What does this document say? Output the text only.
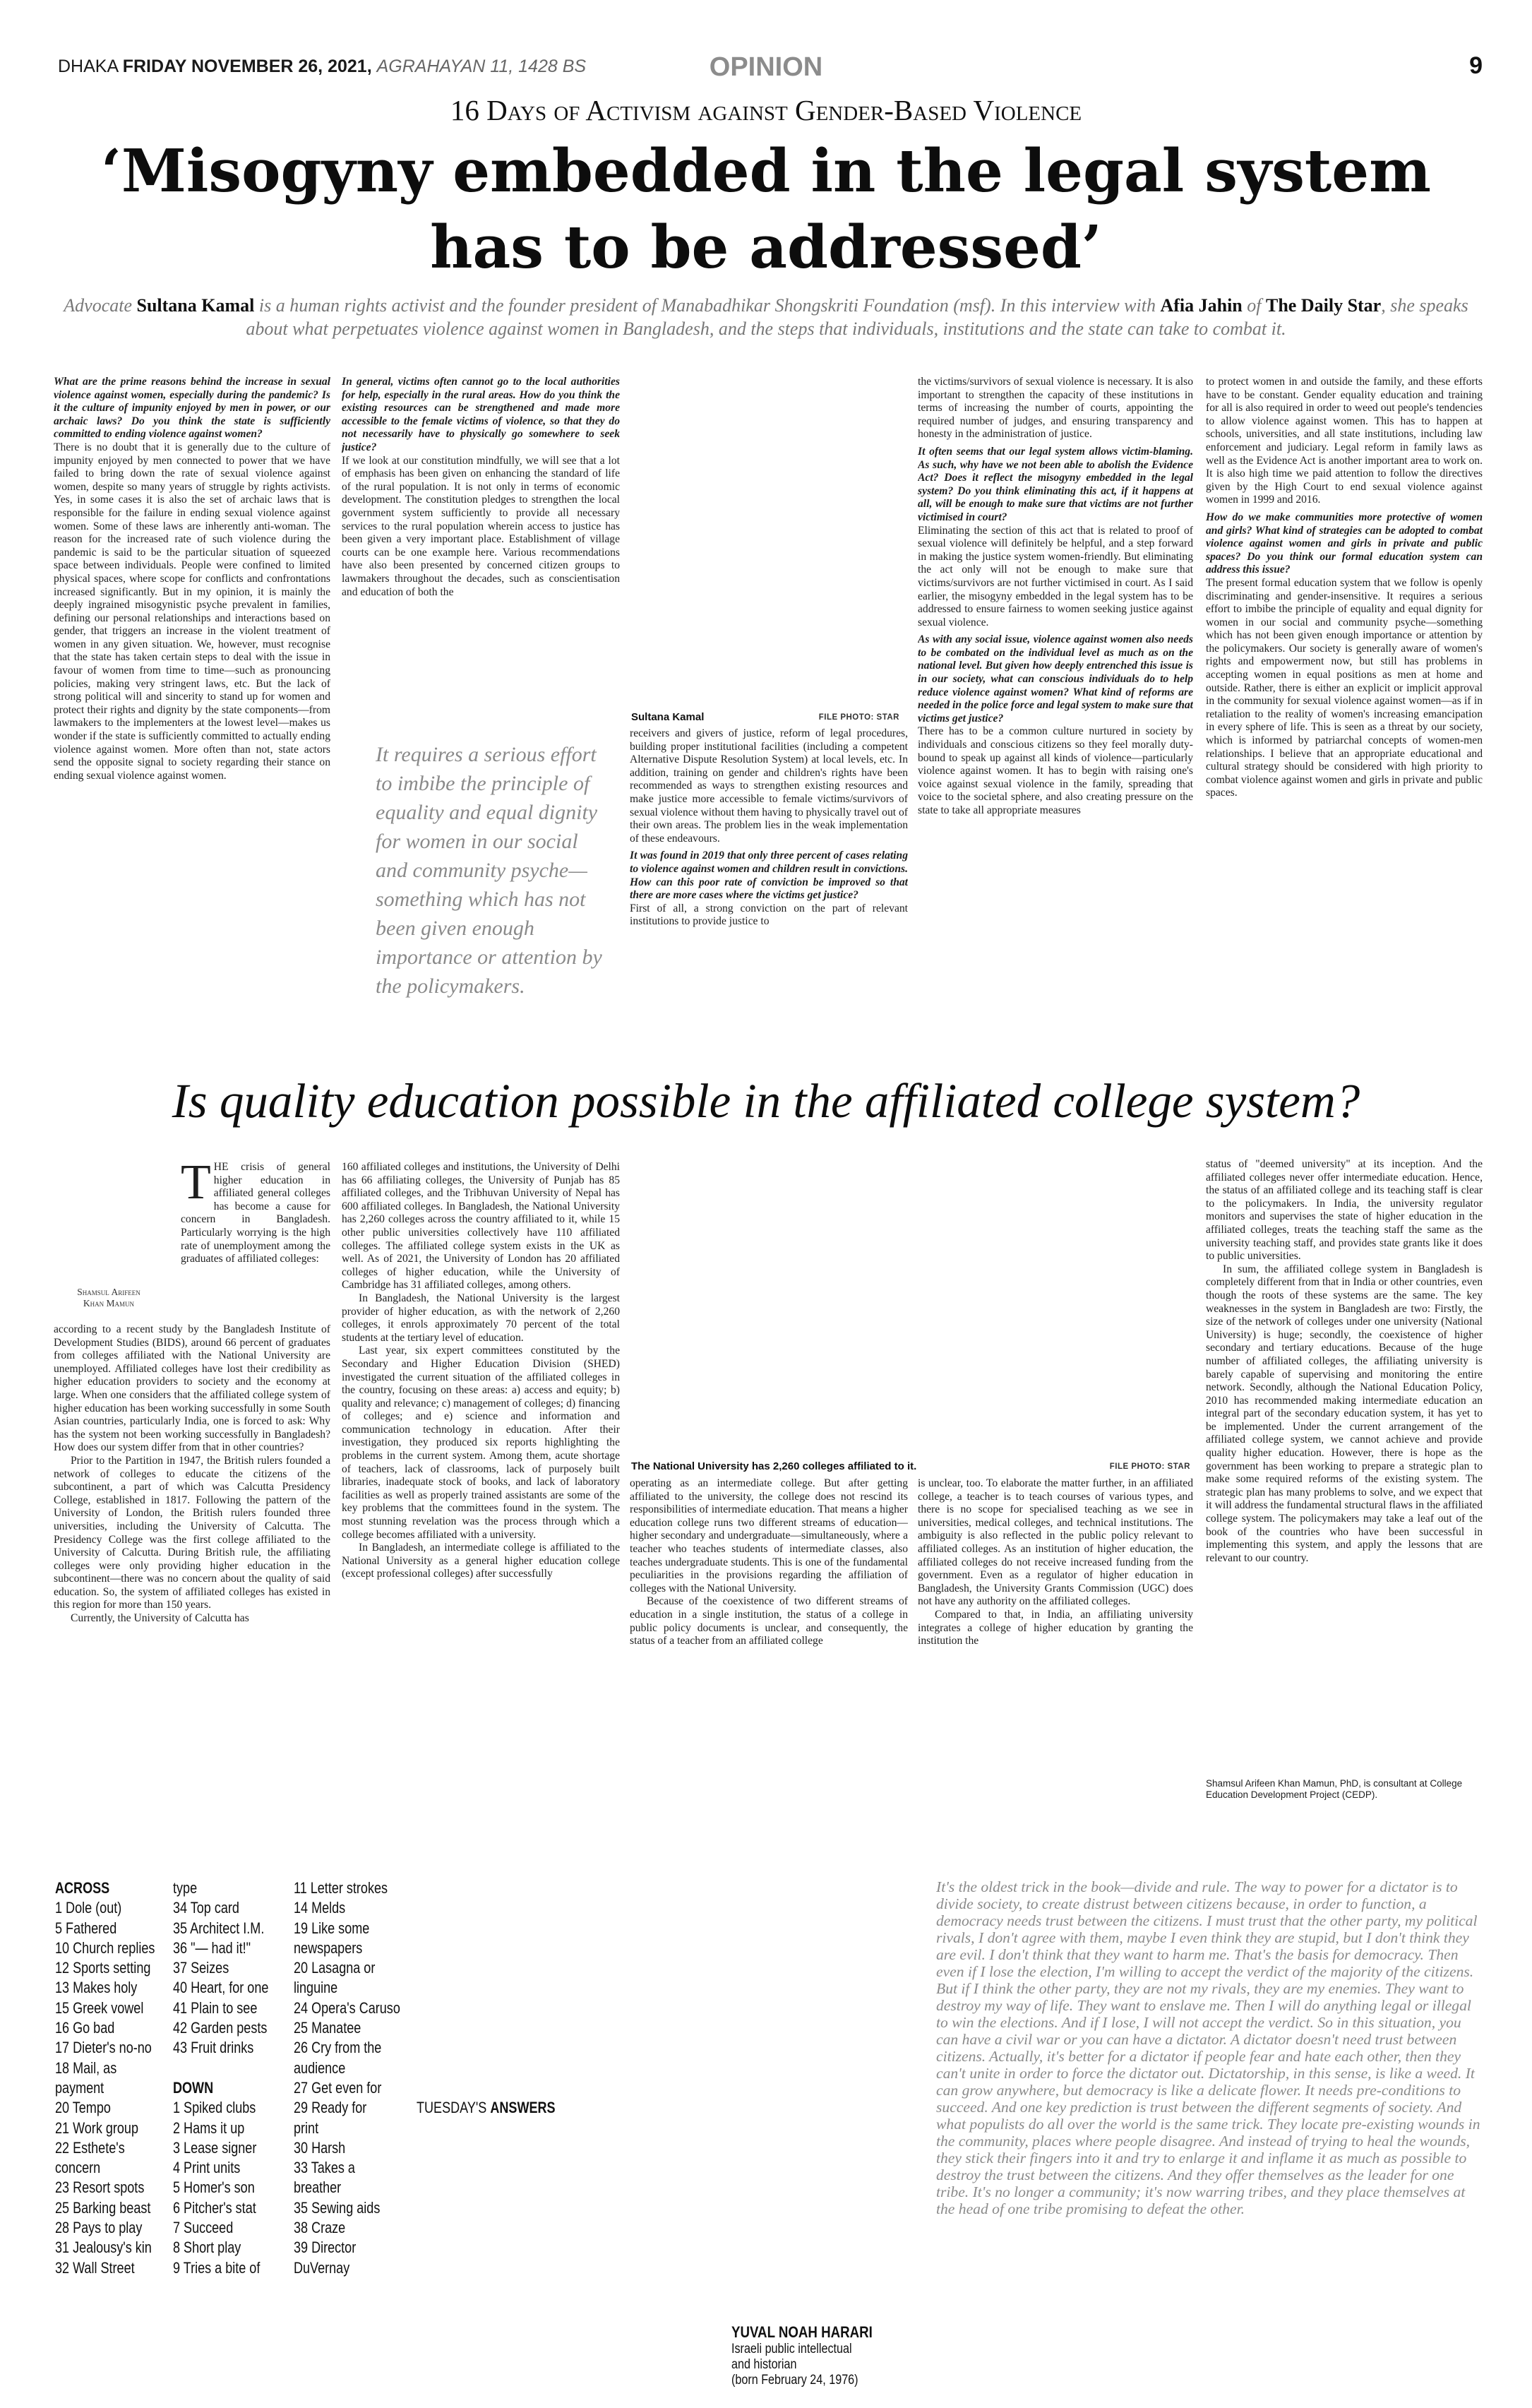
DHAKA FRIDAY NOVEMBER 26, 2021, AGRAHAYAN 11, 1428 BS	OPINION	9
16 Days of Activism against Gender-Based Violence
‘Misogyny embedded in the legal system
has to be addressed’
Advocate Sultana Kamal is a human rights activist and the founder president of Manabadhikar Shongskriti Foundation (msf). In this interview with Afia Jahin of The Daily Star, she speaks about what perpetuates violence against women in Bangladesh, and the steps that individuals, institutions and the state can take to combat it.

What are the prime reasons behind the increase in sexual violence against women, especially during the pandemic? Is it the culture of impunity enjoyed by men in power, or our archaic laws? Do you think the state is sufficiently committed to ending violence against women?

There is no doubt that it is generally due to the culture of impunity enjoyed by men connected to power that we have failed to bring down the rate of sexual violence against women, despite so many years of struggle by rights activists. Yes, in some cases it is also the set of archaic laws that is responsible for the failure in ending sexual violence against women. Some of these laws are inherently anti-woman. The reason for the increased rate of such violence during the pandemic is said to be the particular situation of squeezed space between individuals. People were confined to limited physical spaces, where scope for conflicts and confrontations increased significantly. But in my opinion, it is mainly the deeply ingrained misogynistic psyche prevalent in families, defining our personal relationships and interactions based on gender, that triggers an increase in the violent treatment of women in any given situation. We, however, must recognise that the state has taken certain steps to deal with the issue in favour of women from time to time—such as pronouncing policies, making very stringent laws, etc. But the lack of strong political will and sincerity to stand up for women and protect their rights and dignity by the state components—from lawmakers to the implementers at the lowest level—makes us wonder if the state is sufficiently committed to actually ending violence against women. More often than not, state actors send the opposite signal to society regarding their stance on ending sexual violence against women.

In general, victims often cannot go to the local authorities for help, especially in the rural areas. How do you think the existing resources can be strengthened and made more accessible to the female victims of violence, so that they do not necessarily have to physically go somewhere to seek justice?

If we look at our constitution mindfully, we will see that a lot of emphasis has been given on enhancing the standard of life of the rural population. It is not only in terms of economic development. The constitution pledges to strengthen the local government system sufficiently to provide all necessary services to the rural population wherein access to justice has been given a very important place. Establishment of village courts can be one example here. Various recommendations have also been presented by concerned citizen groups to lawmakers throughout the decades, such as conscientisation and education of both the

It requires a serious effort to imbibe the principle of equality and equal dignity for women in our social and community psyche—something which has not been given enough importance or attention by the policymakers.
Sultana Kamal	FILE PHOTO: STAR

receivers and givers of justice, reform of legal procedures, building proper institutional facilities (including a competent Alternative Dispute Resolution System) at local levels, etc. In addition, training on gender and children's rights have been recommended as ways to strengthen existing resources and make justice more accessible to female victims/survivors of sexual violence without them having to physically travel out of their own areas. The problem lies in the weak implementation of these endeavours.

It was found in 2019 that only three percent of cases relating to violence against women and children result in convictions. How can this poor rate of conviction be improved so that there are more cases where the victims get justice?

First of all, a strong conviction on the part of relevant institutions to provide justice to

the victims/survivors of sexual violence is necessary. It is also important to strengthen the capacity of these institutions in terms of increasing the number of courts, appointing the required number of judges, and ensuring transparency and honesty in the administration of justice.

It often seems that our legal system allows victim-blaming. As such, why have we not been able to abolish the Evidence Act? Does it reflect the misogyny embedded in the legal system? Do you think eliminating this act, if it happens at all, will be enough to make sure that victims are not further victimised in court?

Eliminating the section of this act that is related to proof of sexual violence will definitely be helpful, and a step forward in making the justice system women-friendly. But eliminating the act only will not be enough to make sure that victims/survivors are not further victimised in court. As I said earlier, the misogyny embedded in the legal system has to be addressed to ensure fairness to women seeking justice against sexual violence.

As with any social issue, violence against women also needs to be combated on the individual level as much as on the national level. But given how deeply entrenched this issue is in our society, what can conscious individuals do to help reduce violence against women? What kind of reforms are needed in the police force and legal system to make sure that victims get justice?

There has to be a common culture nurtured in society by individuals and conscious citizens so they feel morally duty-bound to speak up against all kinds of violence—particularly violence against women. It has to begin with raising one's voice against sexual violence in the family, spreading that voice to the societal sphere, and also creating pressure on the state to take all appropriate measures

to protect women in and outside the family, and these efforts have to be constant. Gender equality education and training for all is also required in order to weed out people's tendencies to allow violence against women. This has to happen at schools, universities, and all state institutions, including law enforcement and judiciary. Legal reform in family laws as well as the Evidence Act is another important area to work on. It is also high time we paid attention to follow the directives given by the High Court to end sexual violence against women in 1999 and 2016.

How do we make communities more protective of women and girls? What kind of strategies can be adopted to combat violence against women and girls in private and public spaces? Do you think our formal education system can address this issue?

The present formal education system that we follow is openly discriminating and gender-insensitive. It requires a serious effort to imbibe the principle of equality and equal dignity for women in our social and community psyche—something which has not been given enough importance or attention by the policymakers. Our society is generally aware of women's rights and empowerment now, but still has problems in accepting women in equal positions as men at home and outside. Rather, there is either an explicit or implicit approval in the community for sexual violence against women—as if in retaliation to the reality of women's increasing emancipation in every sphere of life. This is seen as a threat by our society, which is informed by patriarchal concepts of women-men relationships. I believe that an appropriate educational and cultural strategy should be considered with high priority to combat violence against women and girls in private and public spaces.

Is quality education possible in the affiliated college system?
Shamsul Arifeen
Khan Mamun
T HE crisis of general higher education in affiliated general colleges has become a cause for concern in Bangladesh. Particularly worrying is the high rate of unemployment among the graduates of affiliated colleges:

according to a recent study by the Bangladesh Institute of Development Studies (BIDS), around 66 percent of graduates from colleges affiliated with the National University are unemployed. Affiliated colleges have lost their credibility as higher education providers to society and the economy at large. When one considers that the affiliated college system of higher education has been working successfully in some South Asian countries, particularly India, one is forced to ask: Why has the system not been working successfully in Bangladesh? How does our system differ from that in other countries?

Prior to the Partition in 1947, the British rulers founded a network of colleges to educate the citizens of the subcontinent, a part of which was Calcutta Presidency College, established in 1817. Following the pattern of the University of London, the British rulers founded three universities, including the University of Calcutta. The Presidency College was the first college affiliated to the University of Calcutta. During British rule, the affiliating colleges were only providing higher education in the subcontinent—there was no concern about the quality of said education. So, the system of affiliated colleges has existed in this region for more than 150 years.

Currently, the University of Calcutta has

160 affiliated colleges and institutions, the University of Delhi has 66 affiliating colleges, the University of Punjab has 85 affiliated colleges, and the Tribhuvan University of Nepal has 600 affiliated colleges. In Bangladesh, the National University has 2,260 colleges across the country affiliated to it, while 15 other public universities collectively have 110 affiliated colleges. The affiliated college system exists in the UK as well. As of 2021, the University of London has 20 affiliated colleges of higher education, while the University of Cambridge has 31 affiliated colleges, among others.

In Bangladesh, the National University is the largest provider of higher education, as with the network of 2,260 colleges, it enrols approximately 70 percent of the total students at the tertiary level of education.

Last year, six expert committees constituted by the Secondary and Higher Education Division (SHED) investigated the current situation of the affiliated colleges in the country, focusing on these areas: a) access and equity; b) quality and relevance; c) management of colleges; d) financing of colleges; and e) science and information and communication technology in education. After their investigation, they produced six reports highlighting the problems in the current system. Among them, acute shortage of teachers, lack of classrooms, lack of purposely built libraries, inadequate stock of books, and lack of laboratory facilities as well as properly trained assistants are some of the key problems that the committees found in the system. The most stunning revelation was the process through which a college becomes affiliated with a university.

In Bangladesh, an intermediate college is affiliated to the National University as a general higher education college (except professional colleges) after successfully

The National University has 2,260 colleges affiliated to it.	FILE PHOTO: STAR

operating as an intermediate college. But after getting affiliated to the university, the college does not rescind its responsibilities of intermediate education. That means a higher education college runs two different streams of education—higher secondary and undergraduate—simultaneously, where a teacher who teaches students of intermediate classes, also teaches undergraduate students. This is one of the fundamental peculiarities in the provisions regarding the affiliation of colleges with the National University.

Because of the coexistence of two different streams of education in a single institution, the status of a college in public policy documents is unclear, and consequently, the status of a teacher from an affiliated college

is unclear, too. To elaborate the matter further, in an affiliated college, a teacher is to teach courses of various types, and there is no scope for specialised teaching as we see in universities, medical colleges, and technical institutions. The ambiguity is also reflected in the public policy relevant to affiliated colleges. As an institution of higher education, the affiliated colleges do not receive increased funding from the government. Even as a regulator of higher education in Bangladesh, the University Grants Commission (UGC) does not have any authority on the affiliated colleges.

Compared to that, in India, an affiliating university integrates a college of higher education by granting the institution the

status of "deemed university" at its inception. And the affiliated colleges never offer intermediate education. Hence, the status of an affiliated college and its teaching staff is clear to the policymakers. In India, the university regulator monitors and supervises the state of higher education in the affiliated colleges, treats the teaching staff the same as the university teaching staff, and provides state grants like it does to public universities.

In sum, the affiliated college system in Bangladesh is completely different from that in India or other countries, even though the roots of these systems are the same. The key weaknesses in the system in Bangladesh are two: Firstly, the size of the network of colleges under one university (National University) is huge; secondly, the coexistence of higher secondary and tertiary educations. Because of the huge number of affiliated colleges, the affiliating university is barely capable of supervising and monitoring the entire network. Secondly, although the National Education Policy, 2010 has recommended making intermediate education an integral part of the secondary education system, it has yet to be implemented. Under the current arrangement of the affiliated college system, we cannot achieve and provide quality higher education. However, there is hope as the government has been working to prepare a strategic plan to make some required reforms of the existing system. The strategic plan has many problems to solve, and we expect that it will address the fundamental structural flaws in the affiliated college system. The policymakers may take a leaf out of the book of the countries who have been successful in implementing this system, and apply the lessons that are relevant to our country.

Shamsul Arifeen Khan Mamun, PhD, is consultant at College Education Development Project (CEDP).
ACROSS
1 Dole (out)
5 Fathered
10 Church replies
12 Sports setting
13 Makes holy
15 Greek vowel
16 Go bad
17 Dieter's no-no
18 Mail, as
payment
20 Tempo
21 Work group
22 Esthete's
concern
23 Resort spots
25 Barking beast
28 Pays to play
31 Jealousy's kin
32 Wall Street
type
34 Top card
35 Architect I.M.
36 "— had it!"
37 Seizes
40 Heart, for one
41 Plain to see
42 Garden pests
43 Fruit drinks

DOWN
1 Spiked clubs
2 Hams it up
3 Lease signer
4 Print units
5 Homer's son
6 Pitcher's stat
7 Succeed
8 Short play
9 Tries a bite of
11 Letter strokes
14 Melds
19 Like some
newspapers
20 Lasagna or
linguine
24 Opera's Caruso
25 Manatee
26 Cry from the
audience
27 Get even for
29 Ready for
print
30 Harsh
33 Takes a
breather
35 Sewing aids
38 Craze
39 Director
DuVernay
TUESDAY'S ANSWERS
It's the oldest trick in the book—divide and rule. The way to power for a dictator is to divide society, to create distrust between citizens because, in order to function, a democracy needs trust between the citizens. I must trust that the other party, my political rivals, I don't agree with them, maybe I even think they are stupid, but I don't think they are evil. I don't think that they want to harm me. That's the basis for democracy. Then even if I lose the election, I'm willing to accept the verdict of the majority of the citizens. But if I think the other party, they are not my rivals, they are my enemies. They want to destroy my way of life. They want to enslave me. Then I will do anything legal or illegal to win the elections. And if I lose, I will not accept the verdict. So in this situation, you can have a civil war or you can have a dictator. A dictator doesn't need trust between citizens. Actually, it's better for a dictator if people fear and hate each other, then they can't unite in order to force the dictator out. Dictatorship, in this sense, is like a weed. It can grow anywhere, but democracy is like a delicate flower. It needs pre-conditions to succeed. And one key prediction is trust between the different segments of society. And what populists do all over the world is the same trick. They locate pre-existing wounds in the community, places where people disagree. And instead of trying to heal the wounds, they stick their fingers into it and try to enlarge it and inflame it as much as possible to destroy the trust between the citizens. And they offer themselves as the leader for one tribe. It's no longer a community; it's now warring tribes, and they place themselves at the head of one tribe promising to defeat the other.
YUVAL NOAH HARARI
Israeli public intellectual
and historian
(born February 24, 1976)
